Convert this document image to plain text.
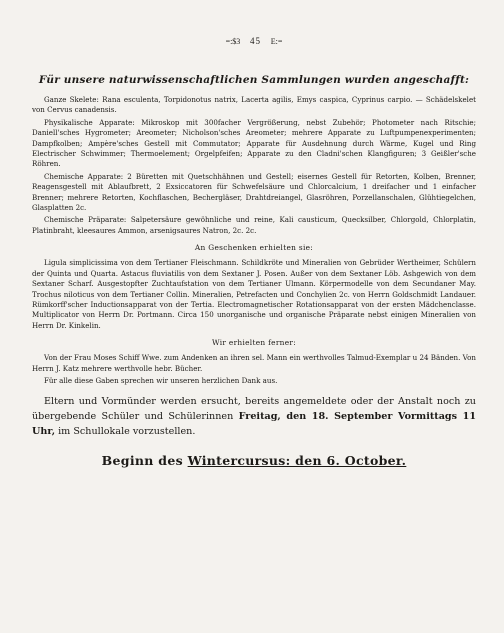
=:$3 45 E:=
Für unsere naturwissenschaftlichen Sammlungen wurden angeschafft:

Ganze Skelete: Rana esculenta, Torpidonotus natrix, Lacerta agilis, Emys caspica, Cyprinus carpio. — Schädelskelet von Cervus canadensis.

Physikalische Apparate: Mikroskop mit 300facher Vergrößerung, nebst Zubehör; Photometer nach Ritschie; Daniell'sches Hygrometer; Areometer; Nicholson'sches Areometer; mehrere Apparate zu Luftpumpenexperimenten; Dampfkolben; Ampère'sches Gestell mit Commutator; Apparate für Ausdehnung durch Wärme, Kugel und Ring Electrischer Schwimmer; Thermoelement; Orgelpfeifen; Apparate zu den Cladni'schen Klangfiguren; 3 Geißler'sche Röhren.

Chemische Apparate: 2 Büretten mit Quetschhähnen und Gestell; eisernes Gestell für Retorten, Kolben, Brenner, Reagensgestell mit Ablaufbrett, 2 Exsiccatoren für Schwefelsäure und Chlorcalcium, 1 dreifacher und 1 einfacher Brenner; mehrere Retorten, Kochflaschen, Bechergläser, Drahtdreiangel, Glasröhren, Porzellanschalen, Glühtiegelchen, Glasplatten 2c.

Chemische Präparate: Salpetersäure gewöhnliche und reine, Kali causticum, Quecksilber, Chlorgold, Chlorplatin, Platinbraht, kleesaures Ammon, arsenigsaures Natron, 2c. 2c.

An Geschenken erhielten sie:

Ligula simplicissima von dem Tertianer Fleischmann. Schildkröte und Mineralien von Gebrüder Wertheimer, Schülern der Quinta und Quarta. Astacus fluviatilis von dem Sextaner J. Posen. Außer von dem Sextaner Löb. Ashgewich von dem Sextaner Scharf. Ausgestopfter Zuchtaufstation von dem Tertianer Ulmann. Körpermodelle von dem Secundaner May. Trochus niloticus von dem Tertianer Collin. Mineralien, Petrefacten und Conchylien 2c. von Herrn Goldschmidt Landauer. Rümkorff'scher Inductionsapparat von der Tertia. Electromagnetischer Rotationsapparat von der ersten Mädchenclasse. Multiplicator von Herrn Dr. Portmann. Circa 150 unorganische und organische Präparate nebst einigen Mineralien von Herrn Dr. Kinkelin.

Wir erhielten ferner:

Von der Frau Moses Schiff Wwe. zum Andenken an ihren sel. Mann ein werthvolles Talmud-Exemplar u 24 Bänden. Von Herrn J. Katz mehrere werthvolle hebr. Bücher.

Für alle diese Gaben sprechen wir unseren herzlichen Dank aus.

Eltern und Vormünder werden ersucht, bereits angemeldete oder der Anstalt noch zu übergebende Schüler und Schülerinnen Freitag, den 18. September Vormittags 11 Uhr, im Schullokale vorzustellen.

Beginn des Wintercursus: den 6. October.
